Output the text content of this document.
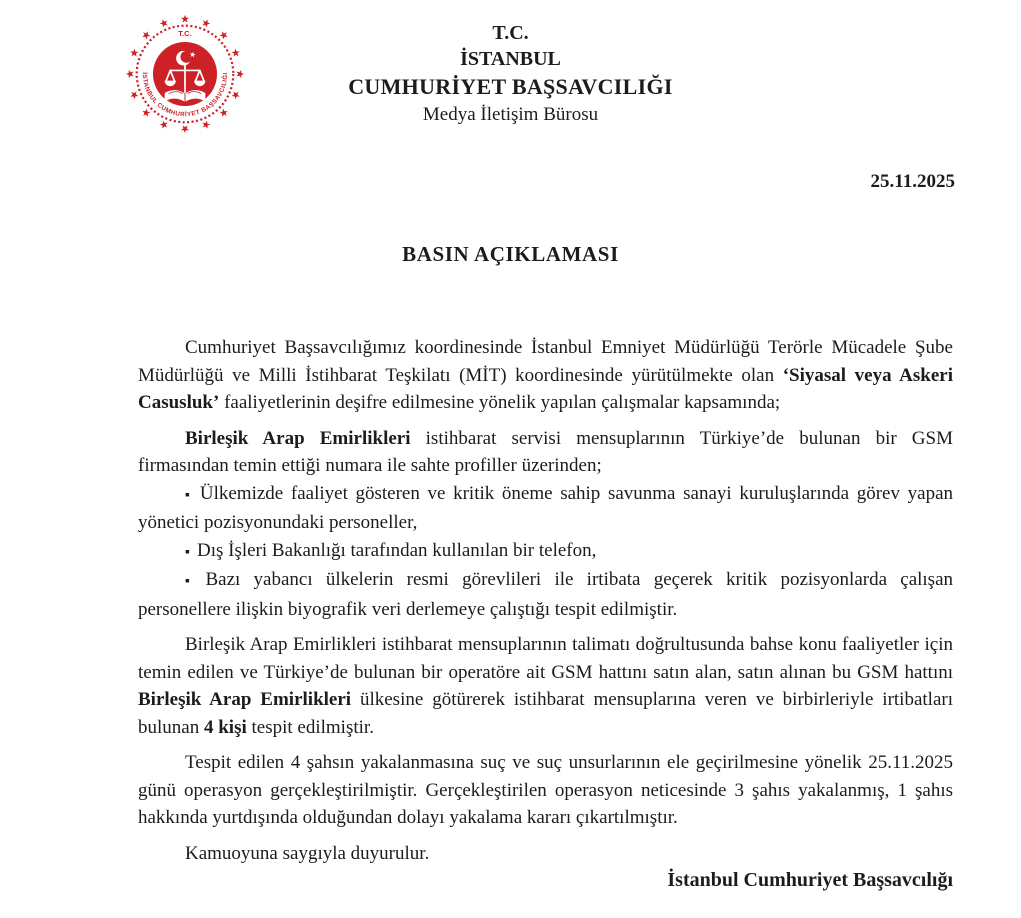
T.C.
İSTANBUL CUMHURİYET BAŞSAVCILIĞI
T.C.
İSTANBUL
CUMHURİYET BAŞSAVCILIĞI
Medya İletişim Bürosu
25.11.2025
BASIN AÇIKLAMASI

Cumhuriyet Başsavcılığımız koordinesinde İstanbul Emniyet Müdürlüğü Terörle Mücadele Şube Müdürlüğü ve Milli İstihbarat Teşkilatı (MİT) koordinesinde yürütülmekte olan ‘Siyasal veya Askeri Casusluk’ faaliyetlerinin deşifre edilmesine yönelik yapılan çalışmalar kapsamında;

Birleşik Arap Emirlikleri istihbarat servisi mensuplarının Türkiye’de bulunan bir GSM firmasından temin ettiği numara ile sahte profiller üzerinden;

▪ Ülkemizde faaliyet gösteren ve kritik öneme sahip savunma sanayi kuruluşlarında görev yapan yönetici pozisyonundaki personeller,

▪ Dış İşleri Bakanlığı tarafından kullanılan bir telefon,

▪ Bazı yabancı ülkelerin resmi görevlileri ile irtibata geçerek kritik pozisyonlarda çalışan personellere ilişkin biyografik veri derlemeye çalıştığı tespit edilmiştir.

Birleşik Arap Emirlikleri istihbarat mensuplarının talimatı doğrultusunda bahse konu faaliyetler için temin edilen ve Türkiye’de bulunan bir operatöre ait GSM hattını satın alan, satın alınan bu GSM hattını Birleşik Arap Emirlikleri ülkesine götürerek istihbarat mensuplarına veren ve birbirleriyle irtibatları bulunan 4 kişi tespit edilmiştir.

Tespit edilen 4 şahsın yakalanmasına suç ve suç unsurlarının ele geçirilmesine yönelik 25.11.2025 günü operasyon gerçekleştirilmiştir. Gerçekleştirilen operasyon neticesinde 3 şahıs yakalanmış, 1 şahıs hakkında yurtdışında olduğundan dolayı yakalama kararı çıkartılmıştır.

Kamuoyuna saygıyla duyurulur.

İstanbul Cumhuriyet Başsavcılığı
